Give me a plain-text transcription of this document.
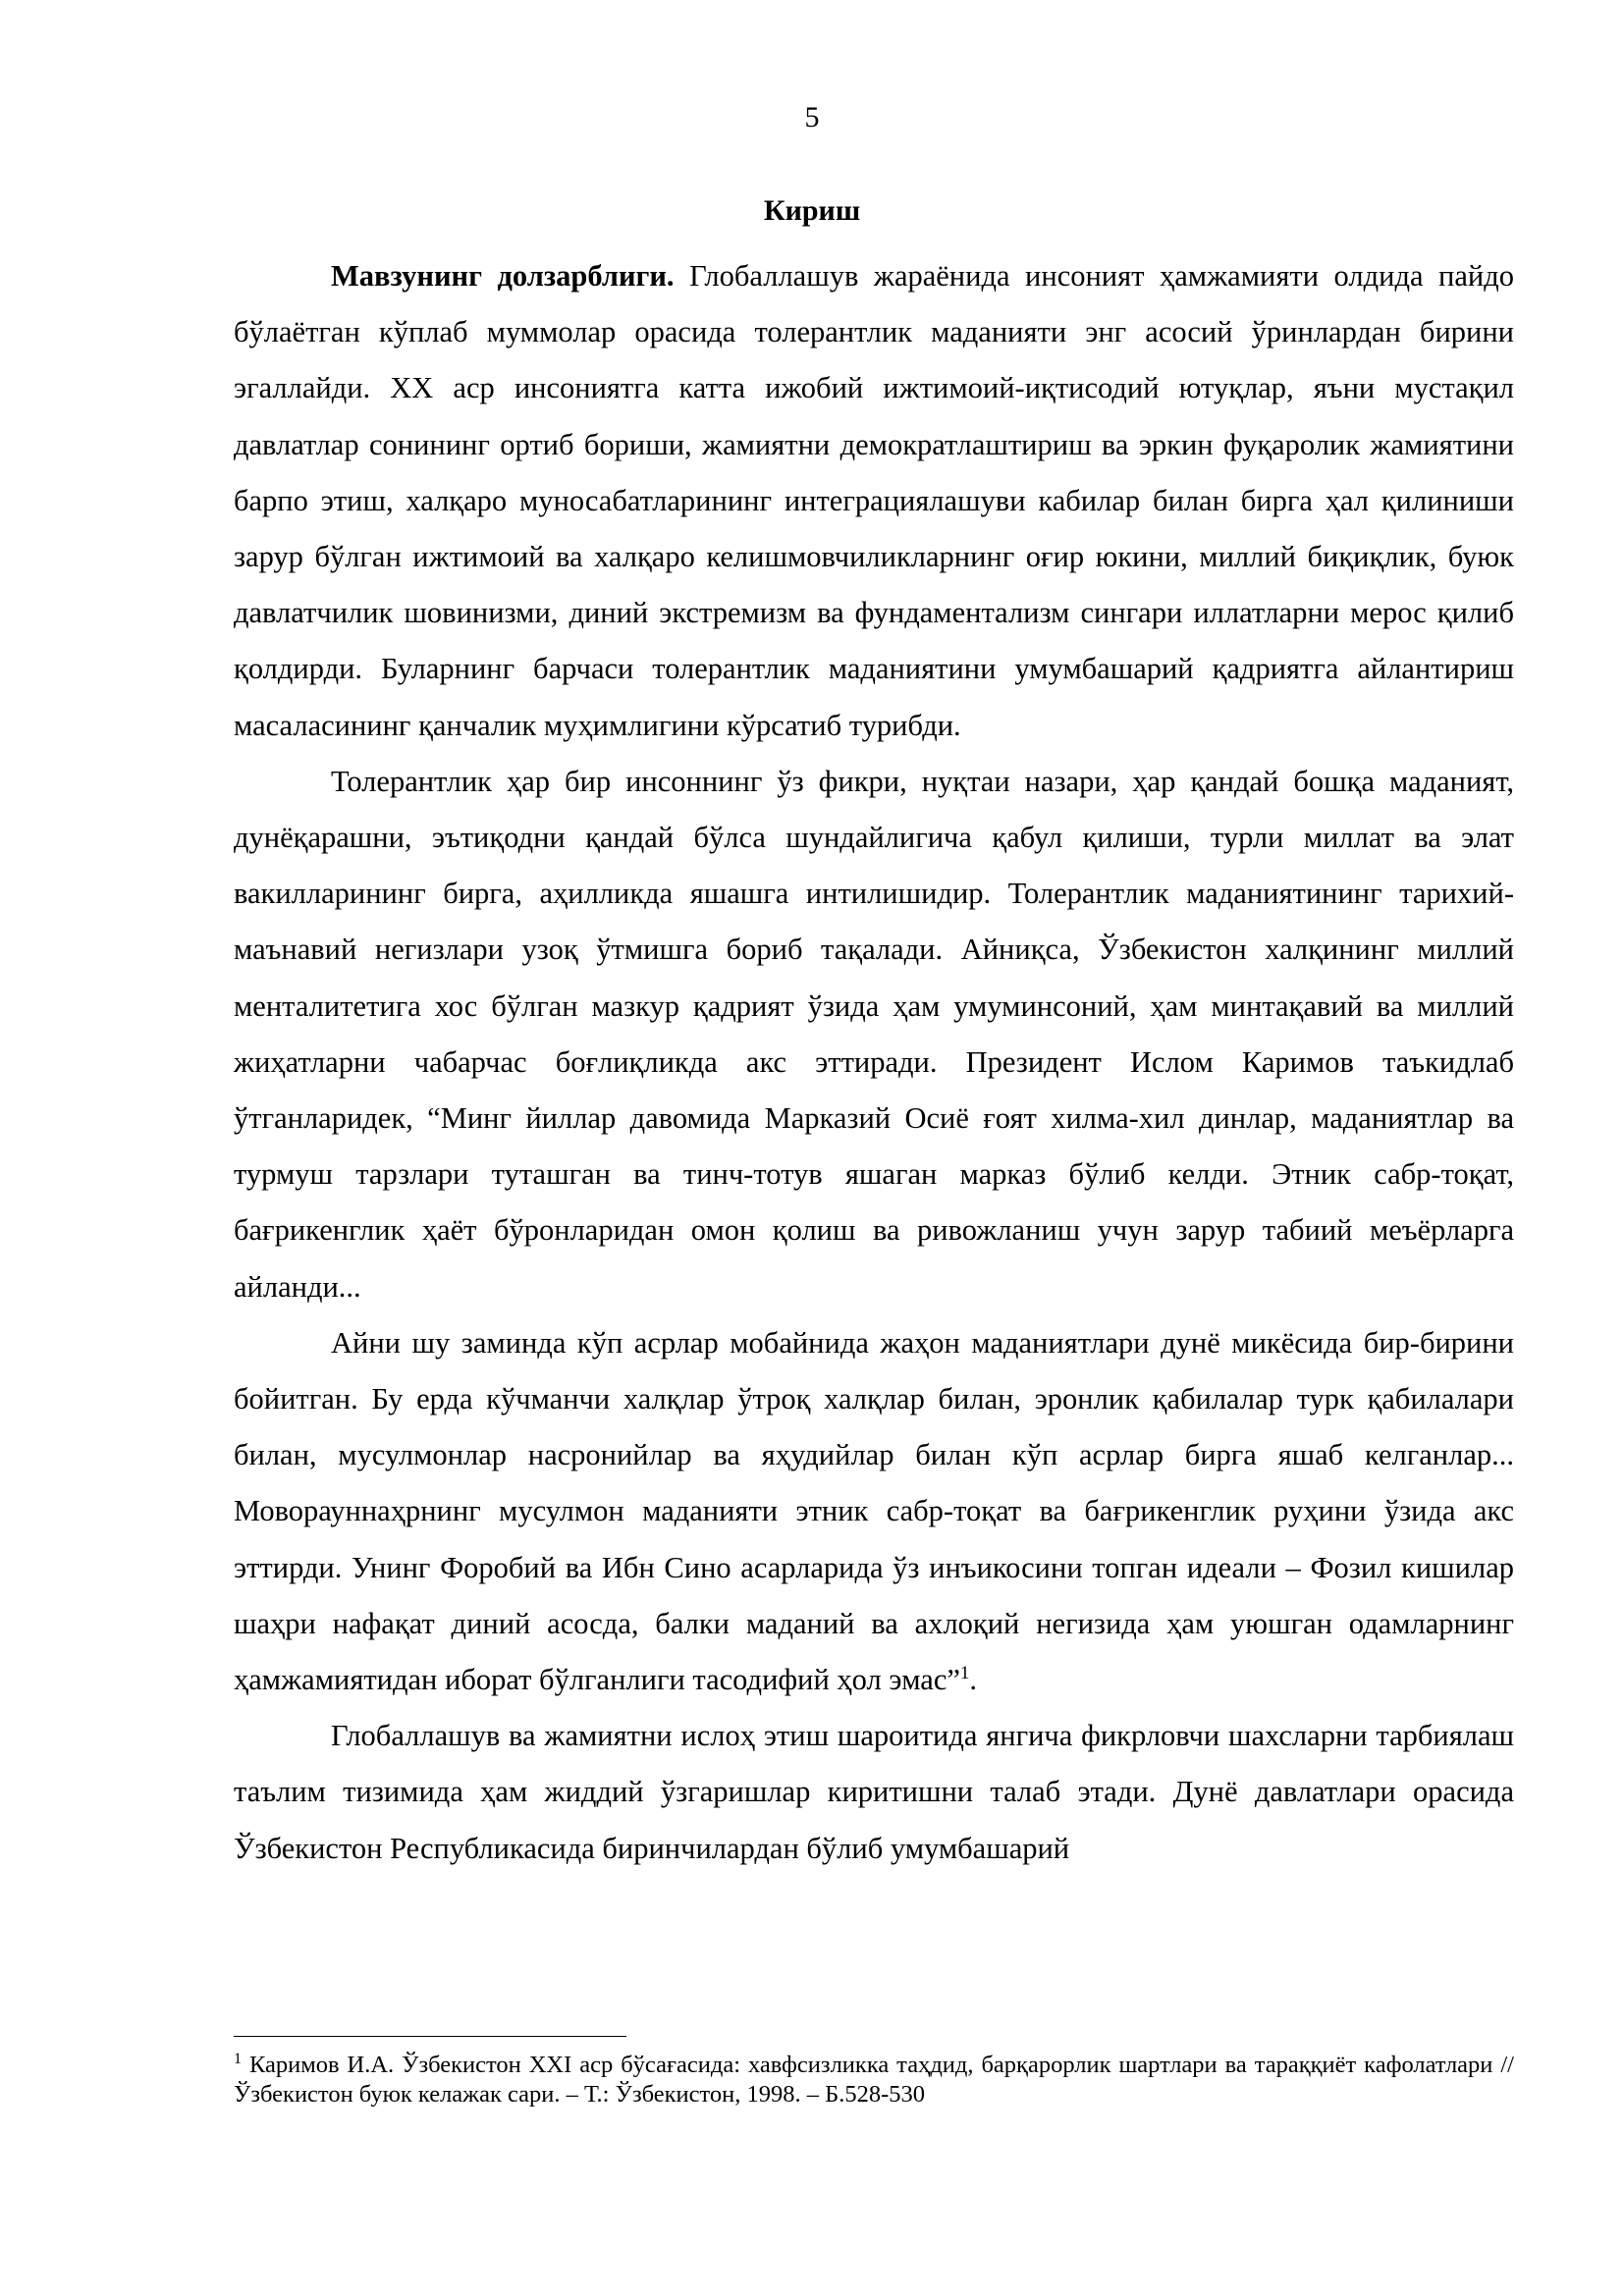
5
Кириш

Мавзунинг долзарблиги. Глобаллашув жараёнида инсоният ҳамжамияти олдида пайдо бўлаётган кўплаб муммолар орасида толерантлик маданияти энг асосий ўринлардан бирини эгаллайди. ХХ аср инсониятга катта ижобий ижтимоий-иқтисодий ютуқлар, яъни мустақил давлатлар сонининг ортиб бориши, жамиятни демократлаштириш ва эркин фуқаролик жамиятини барпо этиш, халқаро муносабатларининг интеграциялашуви кабилар билан бирга ҳал қилиниши зарур бўлган ижтимоий ва халқаро келишмовчиликларнинг оғир юкини, миллий биқиқлик, буюк давлатчилик шовинизми, диний экстремизм ва фундаментализм сингари иллатларни мерос қилиб қолдирди. Буларнинг барчаси толерантлик маданиятини умумбашарий қадриятга айлантириш масаласининг қанчалик муҳимлигини кўрсатиб турибди.

Толерантлик ҳар бир инсоннинг ўз фикри, нуқтаи назари, ҳар қандай бошқа маданият, дунёқарашни, эътиқодни қандай бўлса шундайлигича қабул қилиши, турли миллат ва элат вакилларининг бирга, аҳилликда яшашга интилишидир. Толерантлик маданиятининг тарихий-маънавий негизлари узоқ ўтмишга бориб тақалади. Айниқса, Ўзбекистон халқининг миллий менталитетига хос бўлган мазкур қадрият ўзида ҳам умуминсоний, ҳам минтақавий ва миллий жиҳатларни чабарчас боғлиқликда акс эттиради. Президент Ислом Каримов таъкидлаб ўтганларидек, “Минг йиллар давомида Марказий Осиё ғоят хилма-хил динлар, маданиятлар ва турмуш тарзлари туташган ва тинч-тотув яшаган марказ бўлиб келди. Этник сабр-тоқат, бағрикенглик ҳаёт бўронларидан омон қолиш ва ривожланиш учун зарур табиий меъёрларга айланди...

Айни шу заминда кўп асрлар мобайнида жаҳон маданиятлари дунё микёсида бир-бирини бойитган. Бу ерда кўчманчи халқлар ўтроқ халқлар билан, эронлик қабилалар турк қабилалари билан, мусулмонлар насронийлар ва яҳудийлар билан кўп асрлар бирга яшаб келганлар... Моворауннаҳрнинг мусулмон маданияти этник сабр-тоқат ва бағрикенглик руҳини ўзида акс эттирди. Унинг Форобий ва Ибн Сино асарларида ўз инъикосини топган идеали – Фозил кишилар шаҳри нафақат диний асосда, балки маданий ва ахлоқий негизида ҳам уюшган одамларнинг ҳамжамиятидан иборат бўлганлиги тасодифий ҳол эмас”$^1$.

Глобаллашув ва жамиятни ислоҳ этиш шароитида янгича фикрловчи шахсларни тарбиялаш таълим тизимида ҳам жиддий ўзгаришлар киритишни талаб этади. Дунё давлатлари орасида Ўзбекистон Республикасида биринчилардан бўлиб умумбашарий

$^1$ Каримов И.А. Ўзбекистон ХХI аср бўсағасида: хавфсизликка таҳдид, барқарорлик шартлари ва тараққиёт кафолатлари // Ўзбекистон буюк келажак сари. – Т.: Ўзбекистон, 1998. – Б.528-530
